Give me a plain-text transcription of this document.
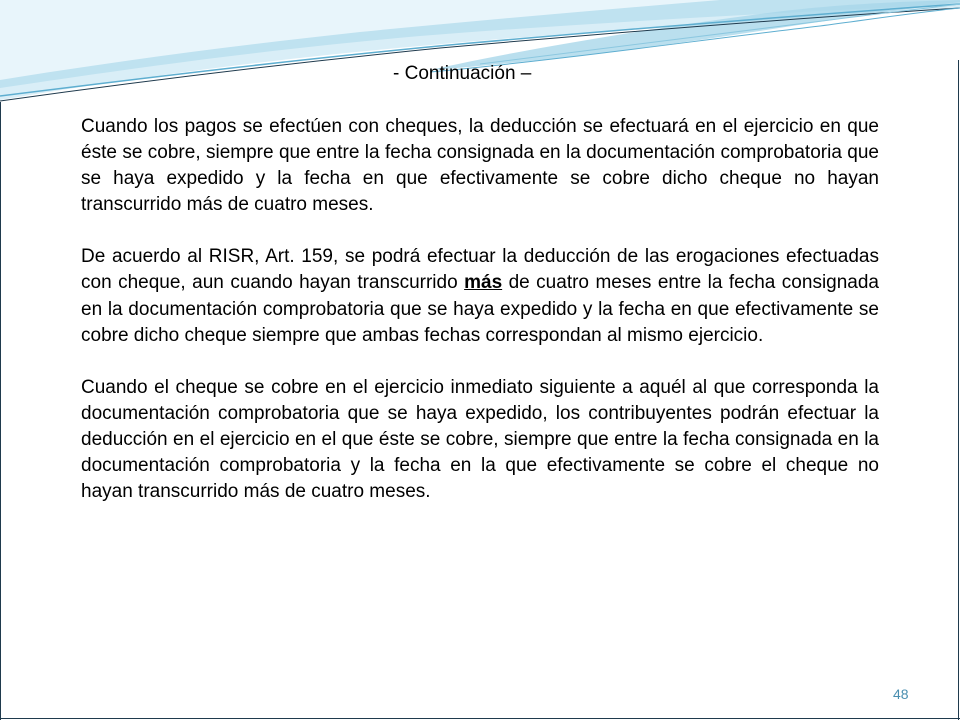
- Continuación –

Cuando los pagos se efectúen con cheques, la deducción se efectuará en el ejercicio en que éste se cobre, siempre que entre la fecha consignada en la documentación comprobatoria que se haya expedido y la fecha en que efectivamente se cobre dicho cheque no hayan transcurrido más de cuatro meses.

De acuerdo al RISR, Art. 159, se podrá efectuar la deducción de las erogaciones efectuadas con cheque, aun cuando hayan transcurrido más de cuatro meses entre la fecha consignada en la documentación comprobatoria que se haya expedido y la fecha en que efectivamente se cobre dicho cheque siempre que ambas fechas correspondan al mismo ejercicio.

Cuando el cheque se cobre en el ejercicio inmediato siguiente a aquél al que corresponda la documentación comprobatoria que se haya expedido, los contribuyentes podrán efectuar la deducción en el ejercicio en el que éste se cobre, siempre que entre la fecha consignada en la documentación comprobatoria y la fecha en la que efectivamente se cobre el cheque no hayan transcurrido más de cuatro meses.

48
